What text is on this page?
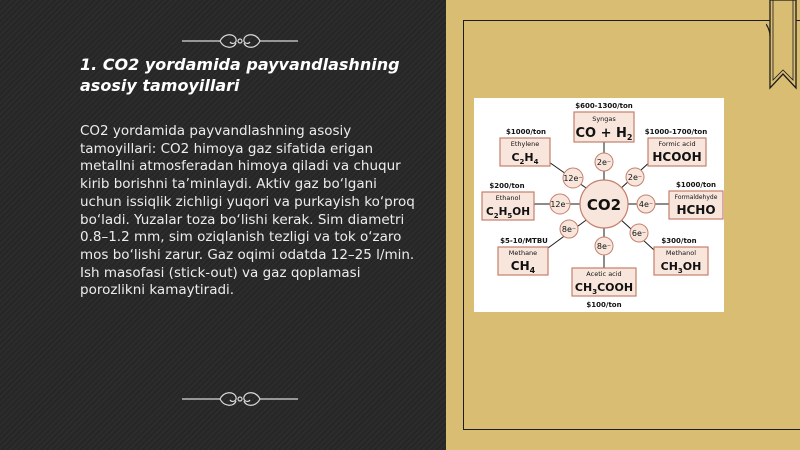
1. CO2 yordamida payvandlashning asosiy tamoyillari

CO2 yordamida payvandlashning asosiy tamoyillari: CO2 himoya gaz sifatida erigan metallni atmosferadan himoya qiladi va chuqur kirib borishni ta’minlaydi. Aktiv gaz bo‘lgani uchun issiqlik zichligi yuqori va purkayish ko‘proq bo‘ladi. Yuzalar toza bo‘lishi kerak. Sim diametri 0.8–1.2 mm, sim oziqlanish tezligi va tok o‘zaro mos bo‘lishi zarur. Gaz oqimi odatda 12–25 l/min. Ish masofasi (stick-out) va gaz qoplamasi porozlikni kamaytiradi.

CO2
2e⁻
2e⁻
4e⁻
6e⁻
8e⁻
8e⁻
12e⁻
12e⁻
$600-1300/ton
Syngas
CO + $H_2$
$1000-1700/ton
Formic acid
HCOOH
$1000/ton
Formaldehyde
HCHO
$300/ton
Methanol
$CH_3OH$
Acetic acid
$CH_3COOH$
$100/ton
$5-10/MTBU
Methane
$CH_4$
$200/ton
Ethanol
$C_2H_5OH$
$1000/ton
Ethylene
$C_2H_4$
